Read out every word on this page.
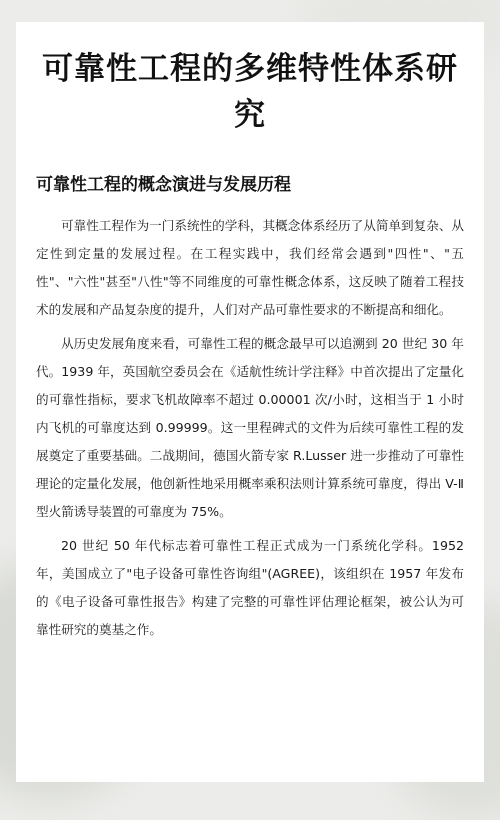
可靠性工程的多维特性体系研究
可靠性工程的概念演进与发展历程

可靠性工程作为一门系统性的学科，其概念体系经历了从简单到复杂、从定性到定量的发展过程。在工程实践中，我们经常会遇到"四性"、"五性"、"六性"甚至"八性"等不同维度的可靠性概念体系，这反映了随着工程技术的发展和产品复杂度的提升，人们对产品可靠性要求的不断提高和细化。

从历史发展角度来看，可靠性工程的概念最早可以追溯到 20 世纪 30 年代。1939 年，英国航空委员会在《适航性统计学注释》中首次提出了定量化的可靠性指标，要求飞机故障率不超过 0.00001 次/小时，这相当于 1 小时内飞机的可靠度达到 0.99999。这一里程碑式的文件为后续可靠性工程的发展奠定了重要基础。二战期间，德国火箭专家 R.Lusser 进一步推动了可靠性理论的定量化发展，他创新性地采用概率乘积法则计算系统可靠度，得出 V-Ⅱ 型火箭诱导装置的可靠度为 75%。

20 世纪 50 年代标志着可靠性工程正式成为一门系统化学科。1952 年，美国成立了"电子设备可靠性咨询组"(AGREE)，该组织在 1957 年发布的《电子设备可靠性报告》构建了完整的可靠性评估理论框架，被公认为可靠性研究的奠基之作。
